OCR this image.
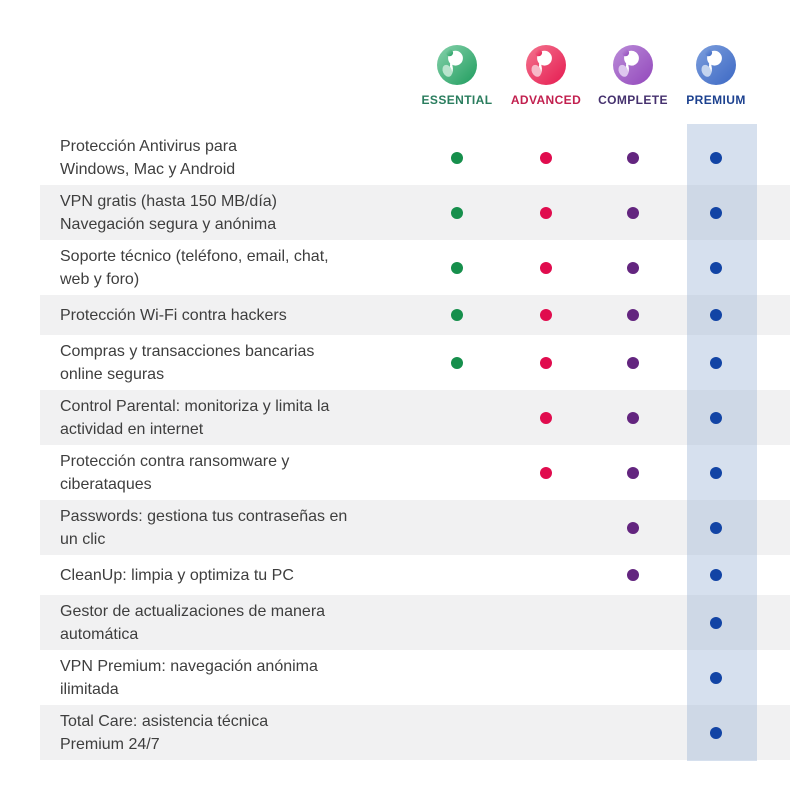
ESSENTIAL ADVANCED COMPLETE PREMIUM
Protección Antivirus para
Windows, Mac y Android
VPN gratis (hasta 150 MB/día)
Navegación segura y anónima
Soporte técnico (teléfono, email, chat,
web y foro)
Protección Wi-Fi contra hackers
Compras y transacciones bancarias
online seguras
Control Parental: monitoriza y limita la
actividad en internet
Protección contra ransomware y
ciberataques
Passwords: gestiona tus contraseñas en
un clic
CleanUp: limpia y optimiza tu PC
Gestor de actualizaciones de manera
automática
VPN Premium: navegación anónima
ilimitada
Total Care: asistencia técnica
Premium 24/7
